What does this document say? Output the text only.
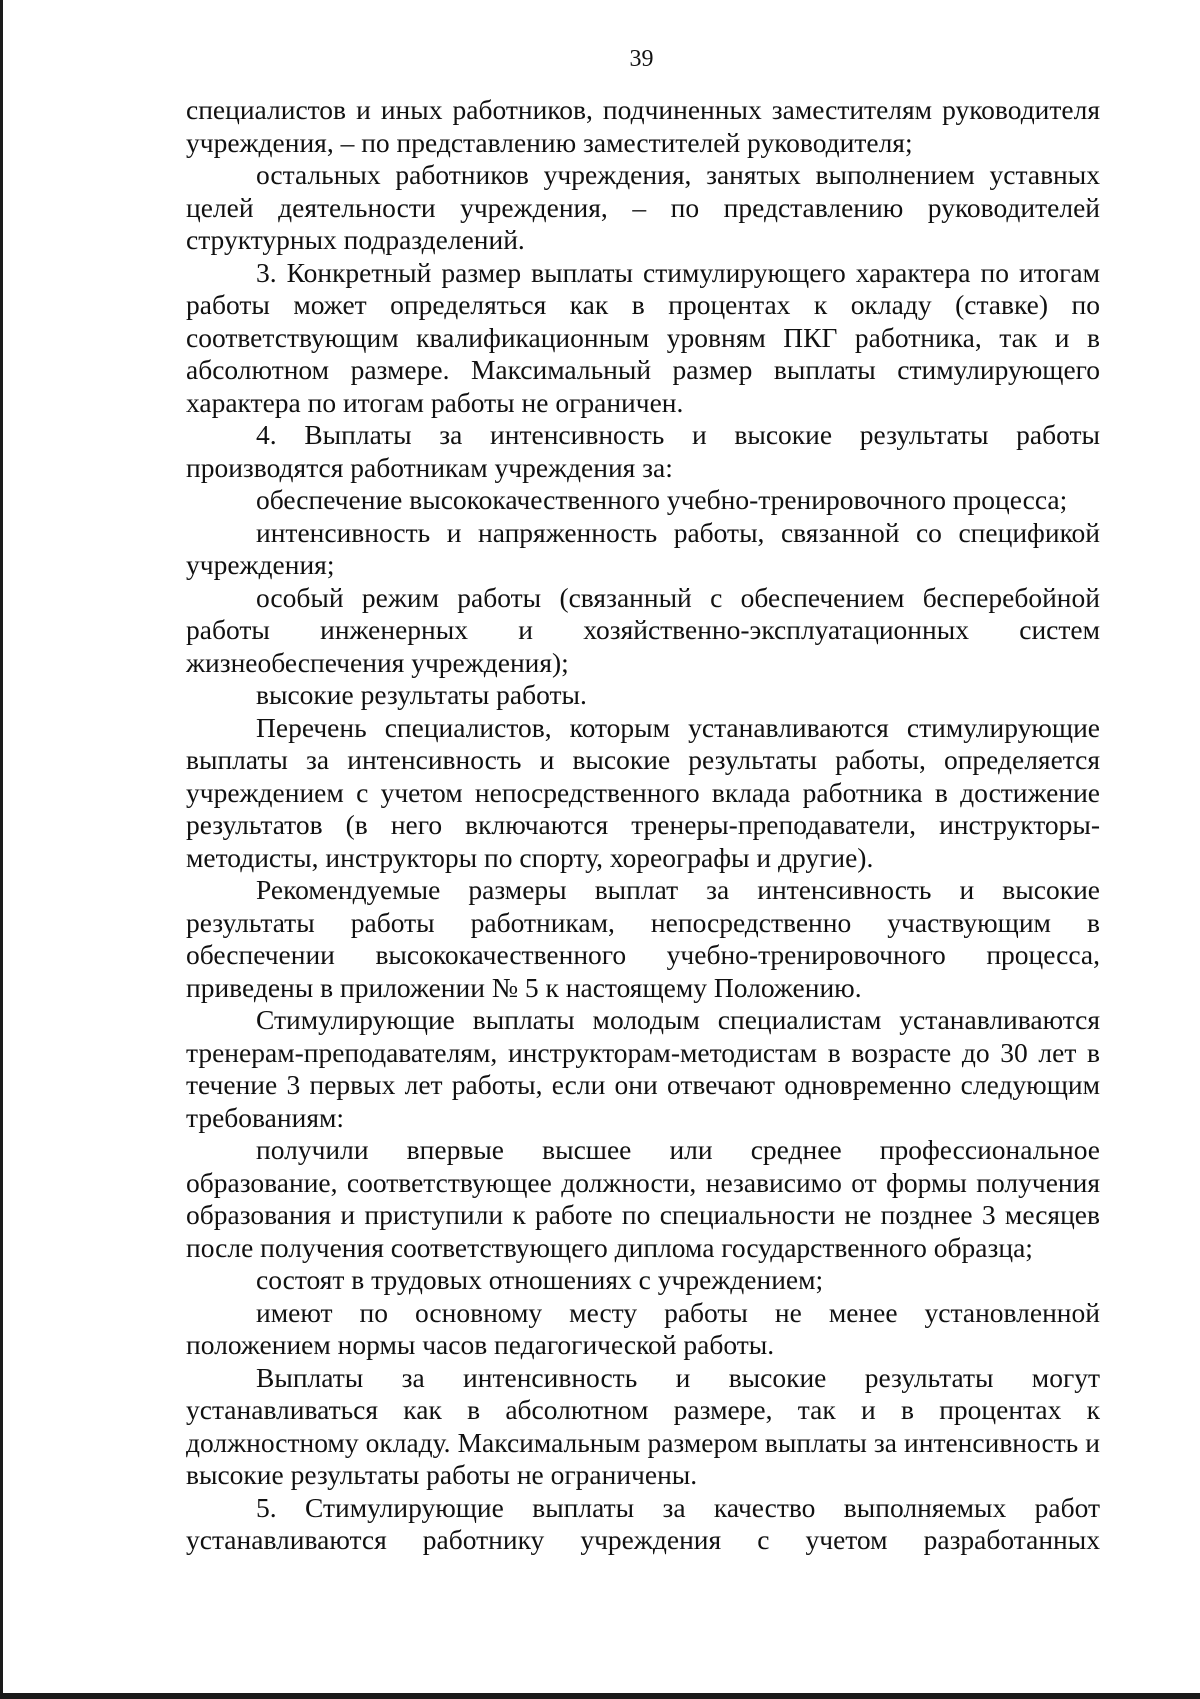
39

специалистов и иных работников, подчиненных заместителям руководителя учреждения, – по представлению заместителей руководителя;

остальных работников учреждения, занятых выполнением уставных целей деятельности учреждения, – по представлению руководителей структурных подразделений.

3. Конкретный размер выплаты стимулирующего характера по итогам работы может определяться как в процентах к окладу (ставке) по соответствующим квалификационным уровням ПКГ работника, так и в абсолютном размере. Максимальный размер выплаты стимулирующего характера по итогам работы не ограничен.

4. Выплаты за интенсивность и высокие результаты работы производятся работникам учреждения за:

обеспечение высококачественного учебно-тренировочного процесса;

интенсивность и напряженность работы, связанной со спецификой учреждения;

особый режим работы (связанный с обеспечением бесперебойной работы инженерных и хозяйственно-эксплуатационных систем жизнеобеспечения учреждения);

высокие результаты работы.

Перечень специалистов, которым устанавливаются стимулирующие выплаты за интенсивность и высокие результаты работы, определяется учреждением с учетом непосредственного вклада работника в достижение результатов (в него включаются тренеры-преподаватели, инструкторы-методисты, инструкторы по спорту, хореографы и другие).

Рекомендуемые размеры выплат за интенсивность и высокие результаты работы работникам, непосредственно участвующим в обеспечении высококачественного учебно-тренировочного процесса, приведены в приложении № 5 к настоящему Положению.

Стимулирующие выплаты молодым специалистам устанавливаются тренерам-преподавателям, инструкторам-методистам в возрасте до 30 лет в течение 3 первых лет работы, если они отвечают одновременно следующим требованиям:

получили впервые высшее или среднее профессиональное образование, соответствующее должности, независимо от формы получения образования и приступили к работе по специальности не позднее 3 месяцев после получения соответствующего диплома государственного образца;

состоят в трудовых отношениях с учреждением;

имеют по основному месту работы не менее установленной положением нормы часов педагогической работы.

Выплаты за интенсивность и высокие результаты могут устанавливаться как в абсолютном размере, так и в процентах к должностному окладу. Максимальным размером выплаты за интенсивность и высокие результаты работы не ограничены.

5. Стимулирующие выплаты за качество выполняемых работ устанавливаются работнику учреждения с учетом разработанных
